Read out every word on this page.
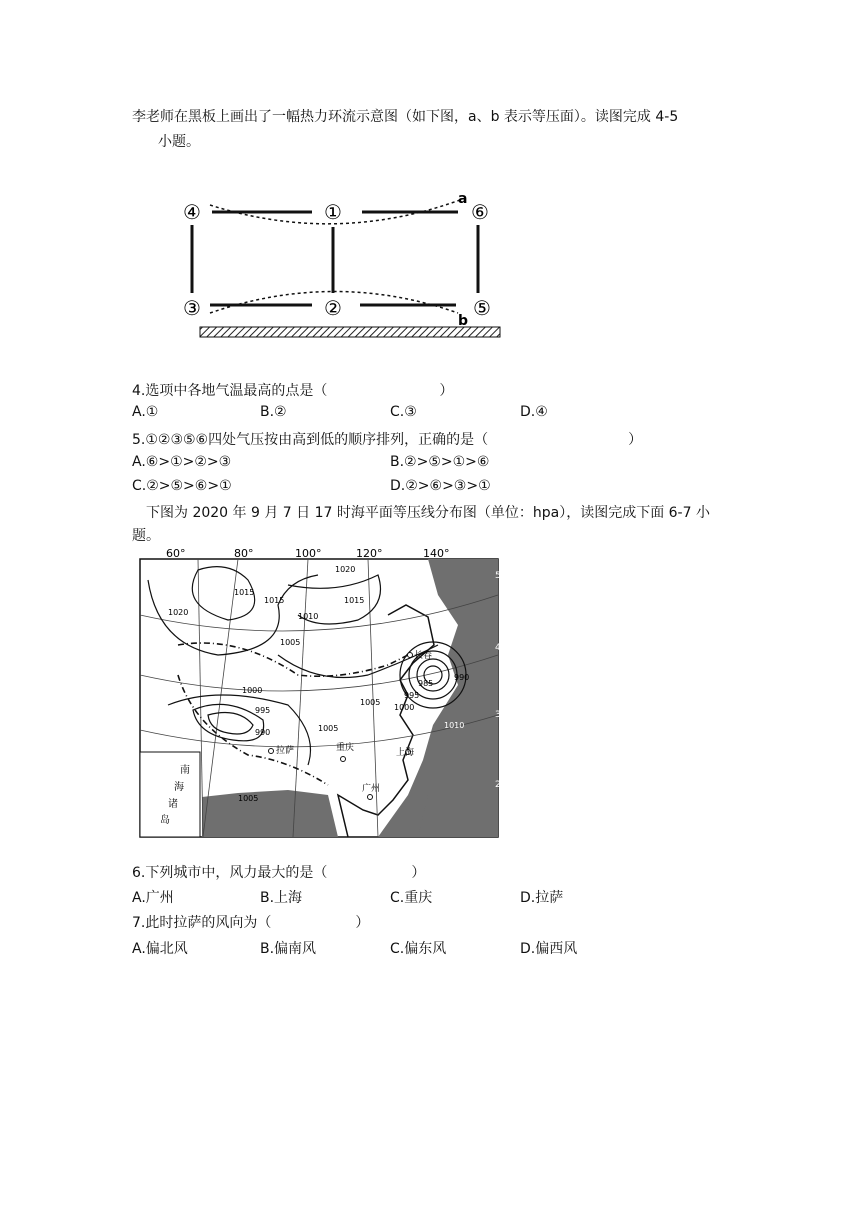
李老师在黑板上画出了一幅热力环流示意图（如下图，a、b 表示等压面）。读图完成 4-5
小题。
④	①	⑥
③	②	⑤
a
b
4.选项中各地气温最高的点是（　　　　　　　　）
A.①	B.②	C.③	D.④
5.①②③⑤⑥四处气压按由高到低的顺序排列，正确的是（　　　　　　　　　　）
A.⑥>①>②>③	B.②>⑤>①>⑥
C.②>⑤>⑥>①	D.②>⑥>③>①
下图为 2020 年 9 月 7 日 17 时海平面等压线分布图（单位：hpa），读图完成下面 6-7 小
题。
南
海
诸
岛
60°	80°	100°	120°	140°
50°
40°
30°
20°
1020
1015
1015
1010
1015
1020
1005
1000
995
990
1005
1005
985
990
995
1000
1010
1005
长春
拉萨	重庆	上海
广州
6.下列城市中，风力最大的是（　　　　　　）
A.广州	B.上海	C.重庆	D.拉萨
7.此时拉萨的风向为（　　　　　　）
A.偏北风	B.偏南风	C.偏东风	D.偏西风
